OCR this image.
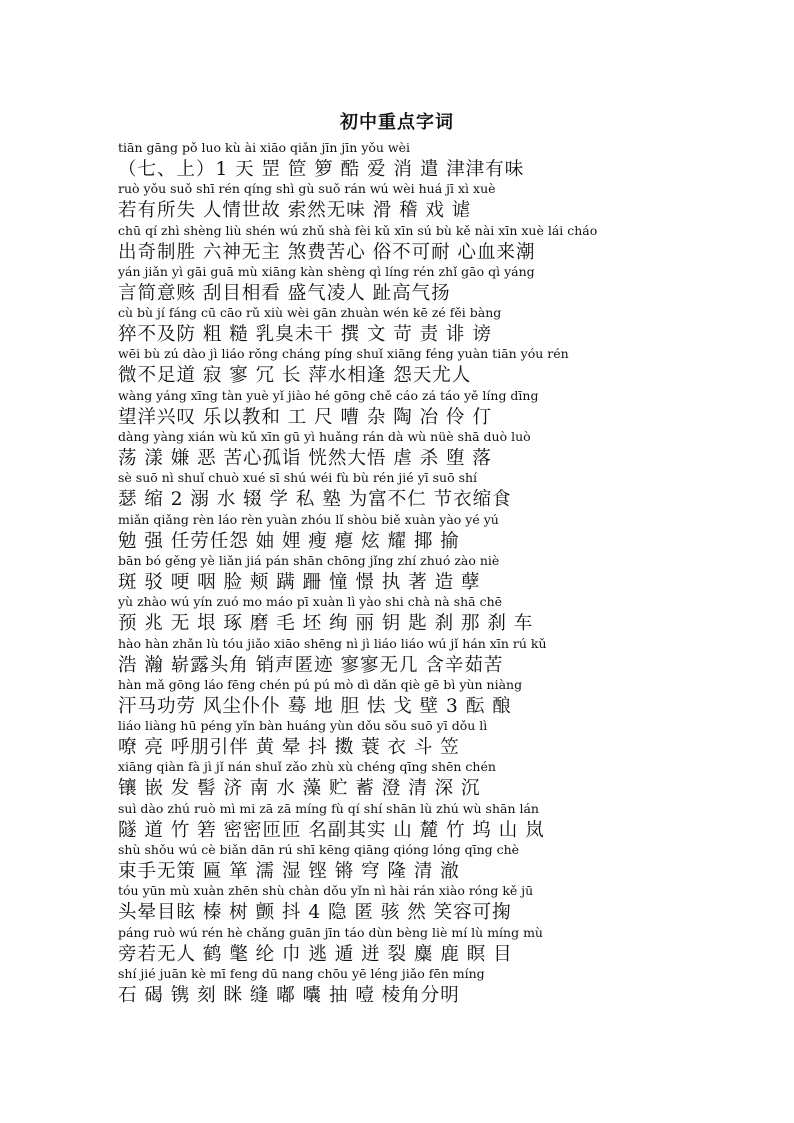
初中重点字词
tiān gāng pǒ luo kù ài xiāo qiǎn jīn jīn yǒu wèi
（七、上）1 天 罡 笸 箩 酷 爱 消 遣 津津有味
ruò yǒu suǒ shī rén qíng shì gù suǒ rán wú wèi huá jī xì xuè
若有所失 人情世故 索然无味 滑 稽 戏 谑
chū qí zhì shèng liù shén wú zhǔ shà fèi kǔ xīn sú bù kě nài xīn xuè lái cháo
出奇制胜 六神无主 煞费苦心 俗不可耐 心血来潮
yán jiǎn yì gāi guā mù xiāng kàn shèng qì líng rén zhǐ gāo qì yáng
言简意赅 刮目相看 盛气凌人 趾高气扬
cù bù jí fáng cū cāo rǔ xiù wèi gān zhuàn wén kē zé fěi bàng
猝不及防 粗 糙 乳臭未干 撰 文 苛 责 诽 谤
wēi bù zú dào jì liáo rǒng cháng píng shuǐ xiāng féng yuàn tiān yóu rén
微不足道 寂 寥 冗 长 萍水相逢 怨天尤人
wàng yáng xīng tàn yuè yǐ jiào hé gōng chě cáo zá táo yě líng dīng
望洋兴叹 乐以教和 工 尺 嘈 杂 陶 冶 伶 仃
dàng yàng xián wù kǔ xīn gū yì huǎng rán dà wù nüè shā duò luò
荡 漾 嫌 恶 苦心孤诣 恍然大悟 虐 杀 堕 落
sè suō nì shuǐ chuò xué sī shú wéi fù bù rén jié yī suō shí
瑟 缩 2 溺 水 辍 学 私 塾 为富不仁 节衣缩食
miǎn qiǎng rèn láo rèn yuàn zhóu lǐ shòu biě xuàn yào yé yú
勉 强 任劳任怨 妯 娌 瘦 瘪 炫 耀 揶 揄
bān bó gěng yè liǎn jiá pán shān chōng jǐng zhí zhuó zào niè
斑 驳 哽 咽 脸 颊 蹒 跚 憧 憬 执 著 造 孽
yù zhào wú yín zuó mo máo pī xuàn lì yào shi chà nà shā chē
预 兆 无 垠 琢 磨 毛 坯 绚 丽 钥 匙 刹 那 刹 车
hào hàn zhǎn lù tóu jiǎo xiāo shēng nì jì liáo liáo wú jǐ hán xīn rú kǔ
浩 瀚 崭露头角 销声匿迹 寥寥无几 含辛茹苦
hàn mǎ gōng láo fēng chén pú pú mò dì dǎn qiè gē bì yùn niàng
汗马功劳 风尘仆仆 蓦 地 胆 怯 戈 壁 3 酝 酿
liáo liàng hū péng yǐn bàn huáng yùn dǒu sǒu suō yī dǒu lì
嘹 亮 呼朋引伴 黄 晕 抖 擞 蓑 衣 斗 笠
xiāng qiàn fà jì jǐ nán shuǐ zǎo zhù xù chéng qīng shēn chén
镶 嵌 发 髻 济 南 水 藻 贮 蓄 澄 清 深 沉
suì dào zhú ruò mì mi zā zā míng fù qí shí shān lù zhú wù shān lán
隧 道 竹 箬 密密匝匝 名副其实 山 麓 竹 坞 山 岚
shù shǒu wú cè biǎn dān rú shī kēng qiāng qióng lóng qīng chè
束手无策 匾 箪 濡 湿 铿 锵 穹 隆 清 澈
tóu yūn mù xuàn zhēn shù chàn dǒu yǐn nì hài rán xiào róng kě jū
头晕目眩 榛 树 颤 抖 4 隐 匿 骇 然 笑容可掬
páng ruò wú rén hè chǎng guān jīn táo dùn bèng liè mí lù míng mù
旁若无人 鹤 氅 纶 巾 逃 遁 迸 裂 麋 鹿 瞑 目
shí jié juān kè mī feng dū nang chōu yē léng jiǎo fēn míng
石 碣 镌 刻 眯 缝 嘟 囔 抽 噎 棱角分明
